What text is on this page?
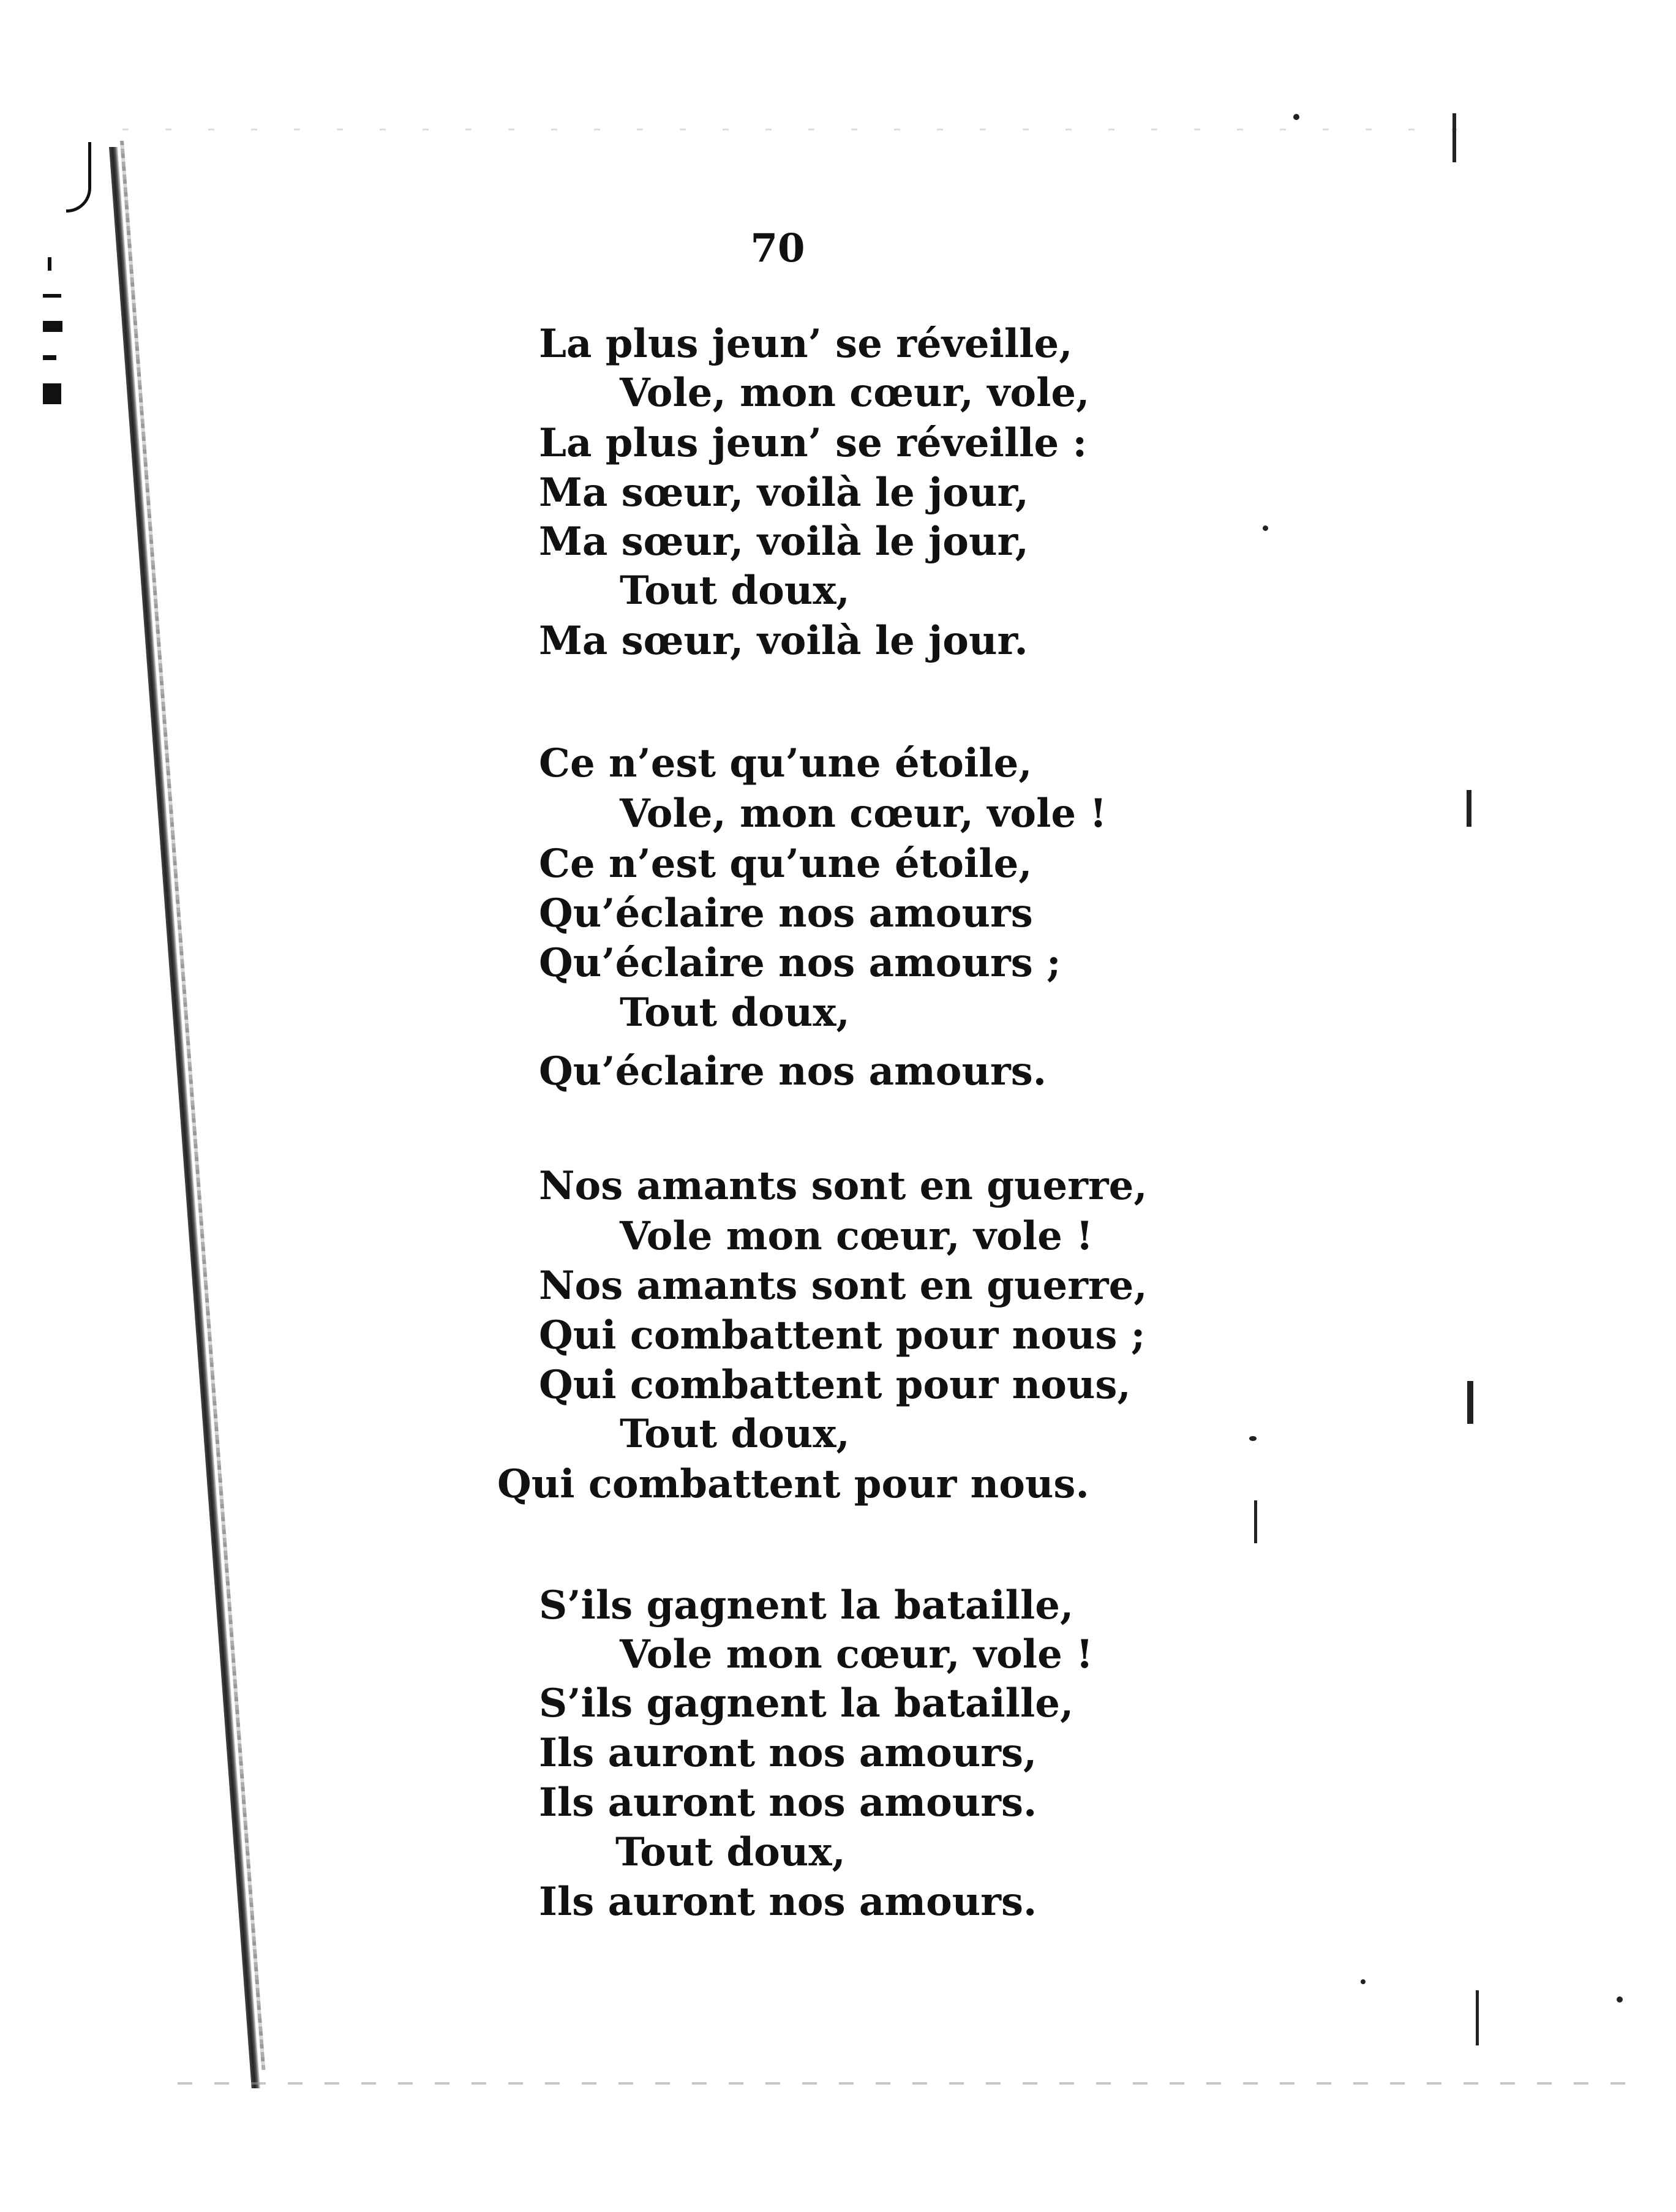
70
La plus jeun’ se réveille,
Vole, mon cœur, vole,
La plus jeun’ se réveille :
Ma sœur, voilà le jour,
Ma sœur, voilà le jour,
Tout doux,
Ma sœur, voilà le jour.
Ce n’est qu’une étoile,
Vole, mon cœur, vole !
Ce n’est qu’une étoile,
Qu’éclaire nos amours
Qu’éclaire nos amours ;
Tout doux,
Qu’éclaire nos amours.
Nos amants sont en guerre,
Vole mon cœur, vole !
Nos amants sont en guerre,
Qui combattent pour nous ;
Qui combattent pour nous,
Tout doux,
Qui combattent pour nous.
S’ils gagnent la bataille,
Vole mon cœur, vole !
S’ils gagnent la bataille,
Ils auront nos amours,
Ils auront nos amours.
Tout doux,
Ils auront nos amours.
